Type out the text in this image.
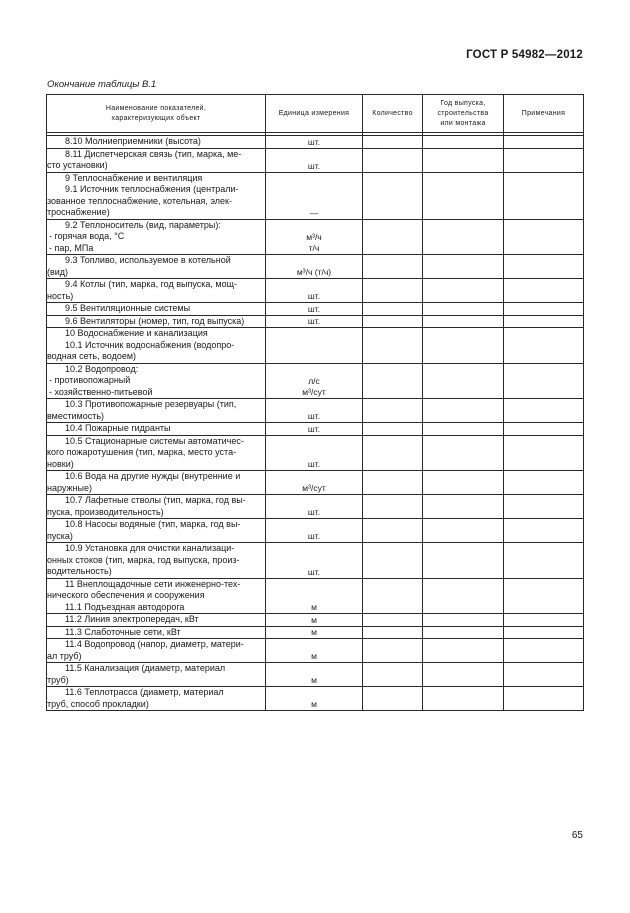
ГОСТ Р 54982—2012
Окончание таблицы В.1
Наименование показателей,
характеризующих объект	Единица измерения	Количество	Год выпуска,
строительства
или монтажа	Примечания

8.10 Молниеприемники (высота)	шт.			

8.11 Диспетчерская связь (тип, марка, ме-
сто установки)	шт.			

9 Теплоснабжение и вентиляция
9.1 Источник теплоснабжения (централи-
зованное теплоснабжение, котельная, элек-
троснабжение)	—			

9.2 Теплоноситель (вид, параметры):
- горячая вода, °С
- пар, МПа	м³/ч
т/ч			

9.3 Топливо, используемое в котельной
(вид)	м³/ч (т/ч)			

9.4 Котлы (тип, марка, год выпуска, мощ-
ность)	шт.			

9.5 Вентиляционные системы	шт.			

9.6 Вентиляторы (номер, тип, год выпуска)	шт.			

10 Водоснабжение и канализация
10.1 Источник водоснабжения (водопро-
водная сеть, водоем)				

10.2 Водопровод:
- противопожарный
- хозяйственно-питьевой	л/с
м³/сут			

10.3 Противопожарные резервуары (тип,
вместимость)	шт.			

10.4 Пожарные гидранты	шт.			

10.5 Стационарные системы автоматичес-
кого пожаротушения (тип, марка, место уста-
новки)	шт.			

10.6 Вода на другие нужды (внутренние и
наружные)	м³/сут			

10.7 Лафетные стволы (тип, марка, год вы-
пуска, производительность)	шт.			

10.8 Насосы водяные (тип, марка, год вы-
пуска)	шт.			

10.9 Установка для очистки канализаци-
онных стоков (тип, марка, год выпуска, произ-
водительность)	шт.			

11 Внеплощадочные сети инженерно-тех-
нического обеспечения и сооружения
11.1 Подъездная автодорога	м			

11.2 Линия электропередач, кВт	м			

11.3 Слаботочные сети, кВт	м			

11.4 Водопровод (напор, диаметр, матери-
ал труб)	м			

11.5 Канализация (диаметр, материал
труб)	м			

11.6 Теплотрасса (диаметр, материал
труб, способ прокладки)	м			

65
